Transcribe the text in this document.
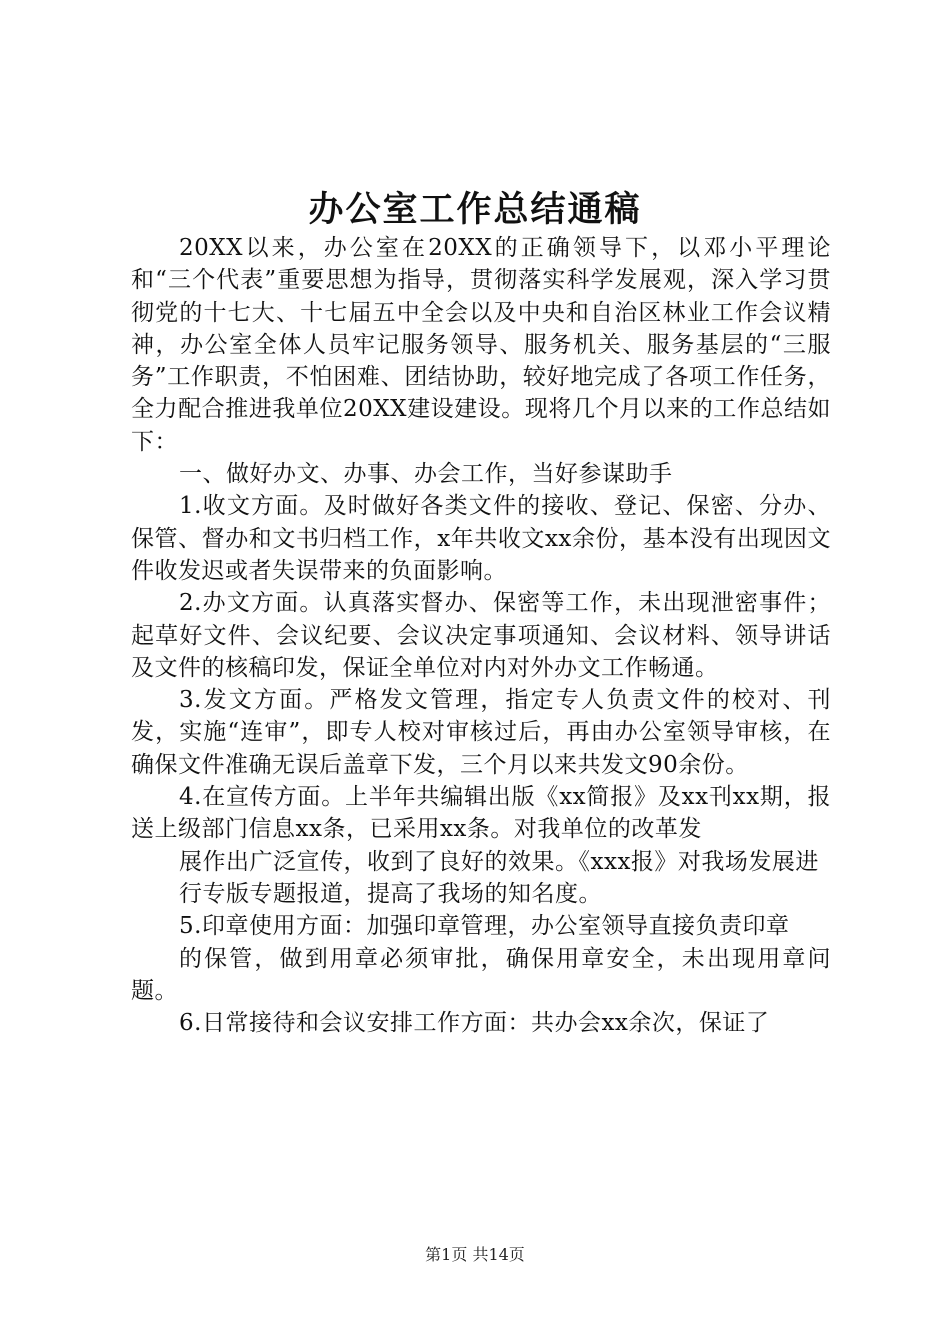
办公室工作总结通稿

20XX以来，办公室在20XX的正确领导下，以邓小平理论和“三个代表”重要思想为指导，贯彻落实科学发展观，深入学习贯彻党的十七大、十七届五中全会以及中央和自治区林业工作会议精神，办公室全体人员牢记服务领导、服务机关、服务基层的“三服务”工作职责，不怕困难、团结协助，较好地完成了各项工作任务，全力配合推进我单位20XX建设建设。现将几个月以来的工作总结如下：

一、做好办文、办事、办会工作，当好参谋助手

1.收文方面。及时做好各类文件的接收、登记、保密、分办、保管、督办和文书归档工作，x年共收文xx余份，基本没有出现因文件收发迟或者失误带来的负面影响。

2.办文方面。认真落实督办、保密等工作，未出现泄密事件；起草好文件、会议纪要、会议决定事项通知、会议材料、领导讲话及文件的核稿印发，保证全单位对内对外办文工作畅通。

3.发文方面。严格发文管理，指定专人负责文件的校对、刊发，实施“连审”，即专人校对审核过后，再由办公室领导审核，在确保文件准确无误后盖章下发，三个月以来共发文90余份。

4.在宣传方面。上半年共编辑出版《xx简报》及xx刊xx期，报送上级部门信息xx条，已采用xx条。对我单位的改革发

展作出广泛宣传，收到了良好的效果。《xxx报》对我场发展进

行专版专题报道，提高了我场的知名度。

5.印章使用方面：加强印章管理，办公室领导直接负责印章

的保管，做到用章必须审批，确保用章安全，未出现用章问题。

6.日常接待和会议安排工作方面：共办会xx余次，保证了

第1页 共14页
